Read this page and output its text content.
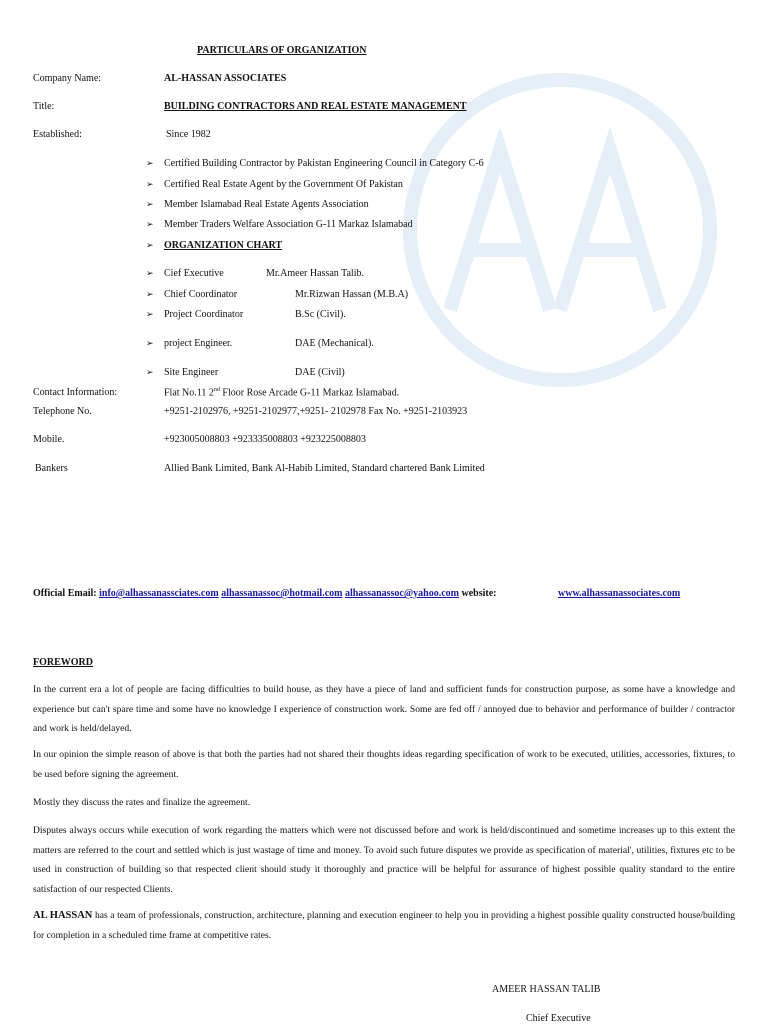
PARTICULARS OF ORGANIZATION
Company Name:	AL-HASSAN ASSOCIATES
Title:	BUILDING CONTRACTORS AND REAL ESTATE MANAGEMENT
Established:	Since 1982
➢ Certified Building Contractor by Pakistan Engineering Council in Category C-6
➢ Certified Real Estate Agent by the Government Of Pakistan
➢ Member Islamabad Real Estate Agents Association
➢ Member Traders Welfare Association G-11 Markaz Islamabad
➢ ORGANIZATION CHART
➢ Cief Executive	Mr.Ameer Hassan Talib.
➢ Chief Coordinator	Mr.Rizwan Hassan (M.B.A)
➢ Project Coordinator	B.Sc (Civil).
➢ project Engineer.	DAE (Mechanical).
➢ Site Engineer	DAE (Civil)
Contact Information:	Flat No.11 2nd Floor Rose Arcade G-11 Markaz Islamabad.
Telephone No.	+9251-2102976, +9251-2102977,+9251- 2102978 Fax No. +9251-2103923
Mobile.	+923005008803 +923335008803 +923225008803
Bankers	Allied Bank Limited, Bank Al-Habib Limited, Standard chartered Bank Limited
Official Email: info@alhassanassciates.com alhassanassoc@hotmail.com alhassanassoc@yahoo.com website:	www.alhassanassociates.com
FOREWORD
In the current era a lot of people are facing difficulties to build house, as they have a piece of land and sufficient funds for construction purpose, as some have a knowledge and experience but can't spare time and some have no knowledge I experience of construction work. Some are fed off / annoyed due to behavior and performance of builder / contractor and work is held/delayed.
In our opinion the simple reason of above is that both the parties had not shared their thoughts ideas regarding specification of work to be executed, utilities, accessories, fixtures, to be used before signing the agreement.
Mostly they discuss the rates and finalize the agreement.
Disputes always occurs while execution of work regarding the matters which were not discussed before and work is held/discontinued and sometime increases up to this extent the matters are referred to the court and settled which is just wastage of time and money. To avoid such future disputes we provide as specification of material', utilities, fixtures etc to be used in construction of building so that respected client should study it thoroughly and practice will be helpful for assurance of highest possible quality standard to the entire satisfaction of our respected Clients.
AL HASSAN has a team of professionals, construction, architecture, planning and execution engineer to help you in providing a highest possible quality constructed house/building for completion in a scheduled time frame at competitive rates.
AMEER HASSAN TALIB
Chief Executive
